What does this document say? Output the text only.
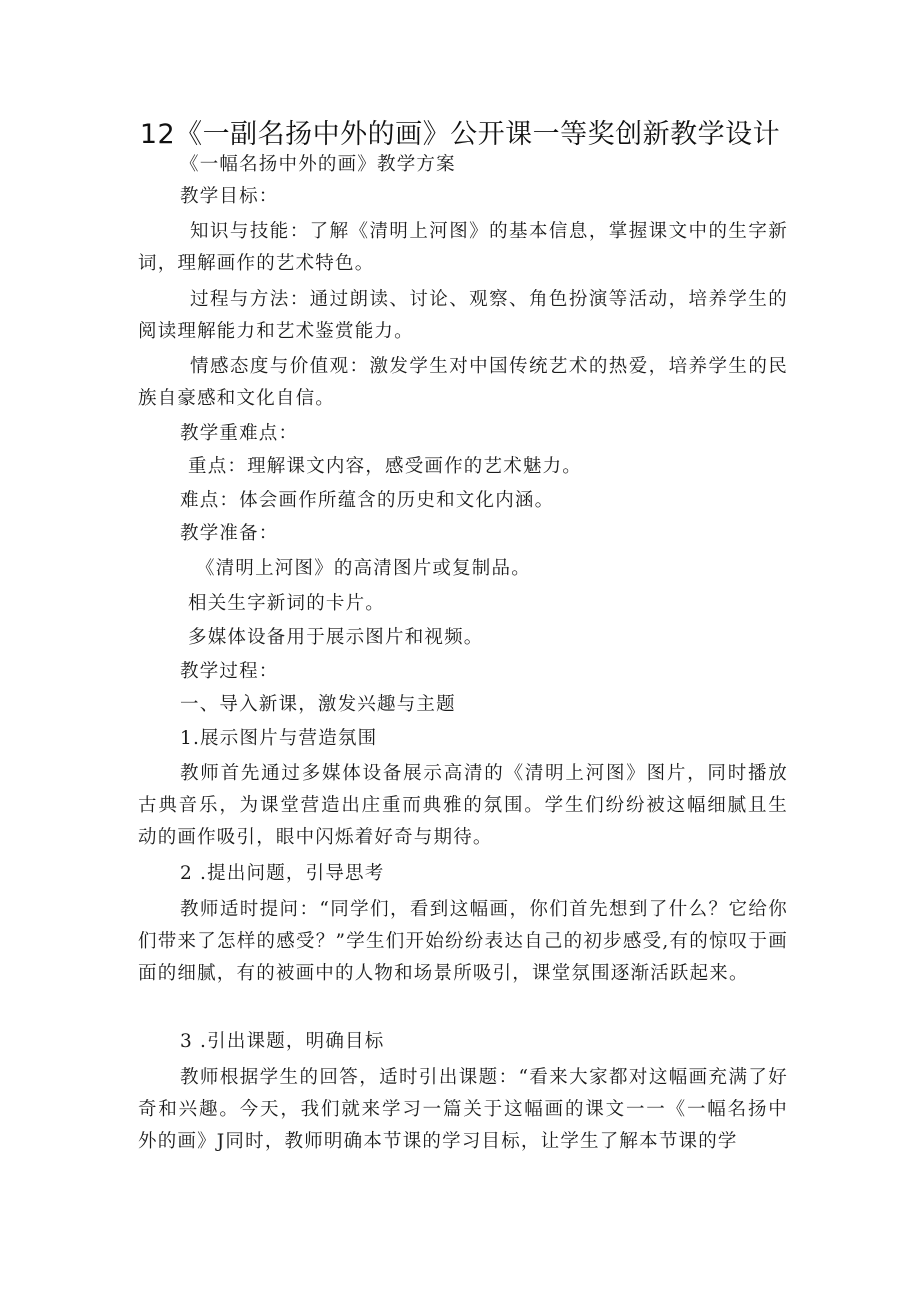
12《一副名扬中外的画》公开课一等奖创新教学设计
《一幅名扬中外的画》教学方案
教学目标：
知识与技能：了解《清明上河图》的基本信息，掌握课文中的生字新词，理解画作的艺术特色。
过程与方法：通过朗读、讨论、观察、角色扮演等活动，培养学生的阅读理解能力和艺术鉴赏能力。
情感态度与价值观：激发学生对中国传统艺术的热爱，培养学生的民族自豪感和文化自信。
教学重难点：
重点：理解课文内容，感受画作的艺术魅力。
难点：体会画作所蕴含的历史和文化内涵。
教学准备：
《清明上河图》的高清图片或复制品。
相关生字新词的卡片。
多媒体设备用于展示图片和视频。
教学过程：
一、导入新课，激发兴趣与主题
1.展示图片与营造氛围
教师首先通过多媒体设备展示高清的《清明上河图》图片，同时播放古典音乐，为课堂营造出庄重而典雅的氛围。学生们纷纷被这幅细腻且生动的画作吸引，眼中闪烁着好奇与期待。
2 .提出问题，引导思考
教师适时提问：“同学们，看到这幅画，你们首先想到了什么？它给你们带来了怎样的感受？”学生们开始纷纷表达自己的初步感受,有的惊叹于画面的细腻，有的被画中的人物和场景所吸引，课堂氛围逐渐活跃起来。
3 .引出课题，明确目标
教师根据学生的回答，适时引出课题：“看来大家都对这幅画充满了好奇和兴趣。今天，我们就来学习一篇关于这幅画的课文一一《一幅名扬中外的画》J同时，教师明确本节课的学习目标，让学生了解本节课的学
